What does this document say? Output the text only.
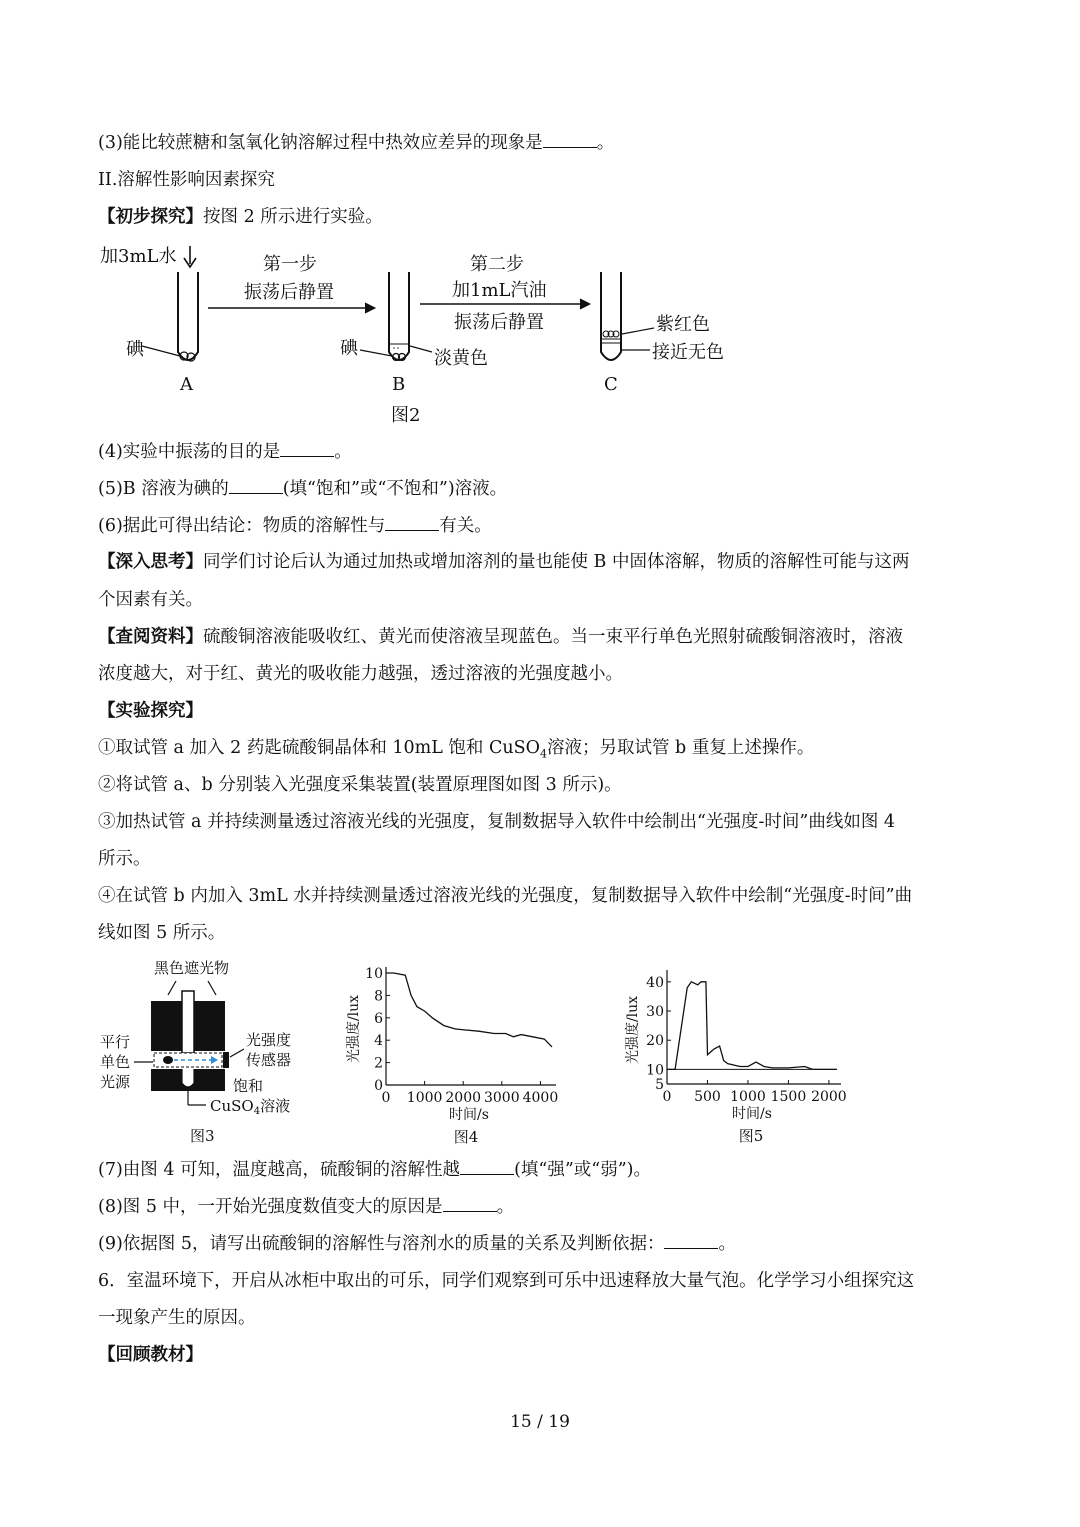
(3)能比较蔗糖和氢氧化钠溶解过程中热效应差异的现象是	。
II.溶解性影响因素探究
【初步探究】按图 2 所示进行实验。
加3mL水
碘
A
第一步
振荡后静置
碘	淡黄色
B
第二步
加1mL汽油
振荡后静置	紫红色
接近无色
C
图2
(4)实验中振荡的目的是	。
(5)B 溶液为碘的	(填“饱和”或“不饱和”)溶液。
(6)据此可得出结论：物质的溶解性与	有关。
【深入思考】同学们讨论后认为通过加热或增加溶剂的量也能使 B 中固体溶解，物质的溶解性可能与这两
个因素有关。
【查阅资料】硫酸铜溶液能吸收红、黄光而使溶液呈现蓝色。当一束平行单色光照射硫酸铜溶液时，溶液
浓度越大，对于红、黄光的吸收能力越强，透过溶液的光强度越小。
【实验探究】
①取试管 a 加入 2 药匙硫酸铜晶体和 10mL 饱和 CuSO$_4$溶液；另取试管 b 重复上述操作。
②将试管 a、b 分别装入光强度采集装置(装置原理图如图 3 所示)。
③加热试管 a 并持续测量透过溶液光线的光强度，复制数据导入软件中绘制出“光强度-时间”曲线如图 4
所示。
④在试管 b 内加入 3mL 水并持续测量透过溶液光线的光强度，复制数据导入软件中绘制“光强度-时间”曲
线如图 5 所示。
黑色遮光物
平行
单色
光源
光强度
传感器
饱和
CuSO$_4$溶液
图3
0
2
4
6
8
10
0 1000 2000 3000 4000
时间/s
光强度/lux
图4
5
10
20
30
40
0 500 1000 1500 2000
时间/s
光强度/lux
图5
(7)由图 4 可知，温度越高，硫酸铜的溶解性越	(填“强”或“弱”)。
(8)图 5 中，一开始光强度数值变大的原因是	。
(9)依据图 5，请写出硫酸铜的溶解性与溶剂水的质量的关系及判断依据：	。
6．室温环境下，开启从冰柜中取出的可乐，同学们观察到可乐中迅速释放大量气泡。化学学习小组探究这
一现象产生的原因。
【回顾教材】
15 / 19
